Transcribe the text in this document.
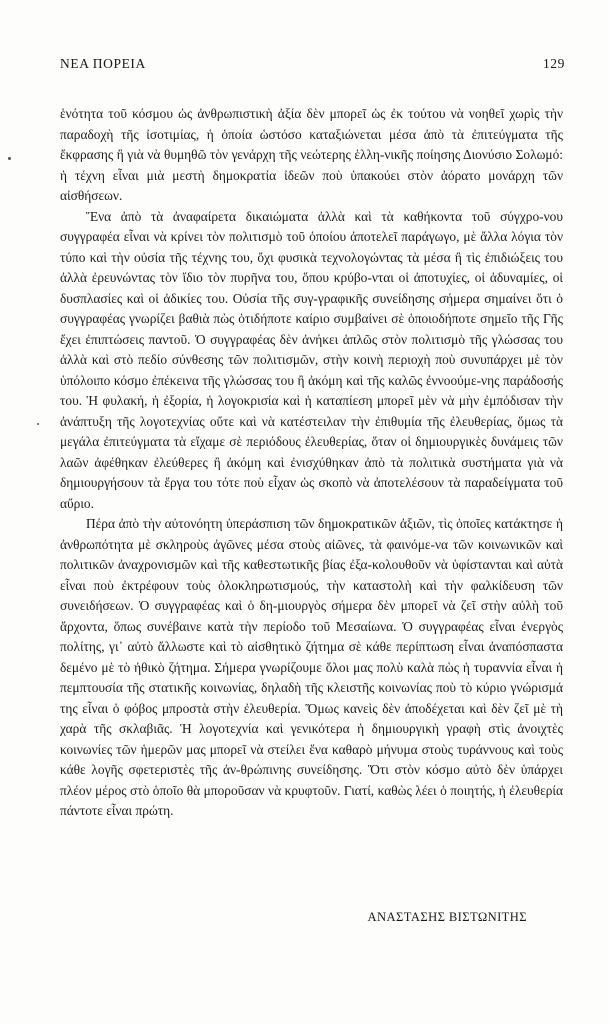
ΝΕΑ ΠΟΡΕΙΑ	129

ἑνότητα τοῦ κόσμου ὡς ἀνθρωπιστικὴ ἀξία δὲν μπορεῖ ὡς ἐκ τούτου νὰ νοηθεῖ χωρὶς τὴν παραδοχὴ τῆς ἰσοτιμίας, ἡ ὁποία ὡστόσο καταξιώνεται μέσα ἀπὸ τὰ ἐπιτεύγματα τῆς ἔκφρασης ἢ γιὰ νὰ θυμηθῶ τὸν γενάρχη τῆς νεώτερης ἑλλη-νικῆς ποίησης Διονύσιο Σολωμό: ἡ τέχνη εἶναι μιὰ μεστὴ δημοκρατία ἰδεῶν ποὺ ὑπακούει στὸν ἀόρατο μονάρχη τῶν αἰσθήσεων.

Ἕνα ἀπὸ τὰ ἀναφαίρετα δικαιώματα ἀλλὰ καὶ τὰ καθήκοντα τοῦ σύγχρο-νου συγγραφέα εἶναι νὰ κρίνει τὸν πολιτισμὸ τοῦ ὁποίου ἀποτελεῖ παράγωγο, μὲ ἄλλα λόγια τὸν τύπο καὶ τὴν οὐσία τῆς τέχνης του, ὄχι φυσικὰ τεχνολογώντας τὰ μέσα ἢ τὶς ἐπιδιώξεις του ἀλλὰ ἐρευνώντας τὸν ἴδιο τὸν πυρῆνα του, ὅπου κρύβο-νται οἱ ἀποτυχίες, οἱ ἀδυναμίες, οἱ δυσπλασίες καὶ οἱ ἀδικίες του. Οὐσία τῆς συγ-γραφικῆς συνείδησης σήμερα σημαίνει ὅτι ὁ συγγραφέας γνωρίζει βαθιὰ πὼς ὁτιδήποτε καίριο συμβαίνει σὲ ὁποιοδήποτε σημεῖο τῆς Γῆς ἔχει ἐπιπτώσεις παντοῦ. Ὁ συγγραφέας δὲν ἀνήκει ἁπλῶς στὸν πολιτισμὸ τῆς γλώσσας του ἀλλὰ καὶ στὸ πεδίο σύνθεσης τῶν πολιτισμῶν, στὴν κοινὴ περιοχὴ ποὺ συνυπάρχει μὲ τὸν ὑπόλοιπο κόσμο ἐπέκεινα τῆς γλώσσας του ἢ ἀκόμη καὶ τῆς καλῶς ἐννοούμε-νης παράδοσής του. Ἡ φυλακή, ἡ ἐξορία, ἡ λογοκρισία καὶ ἡ καταπίεση μπορεῖ μὲν νὰ μὴν ἐμπόδισαν τὴν ἀνάπτυξη τῆς λογοτεχνίας οὔτε καὶ νὰ κατέστειλαν τὴν ἐπιθυμία τῆς ἐλευθερίας, ὅμως τὰ μεγάλα ἐπιτεύγματα τὰ εἴχαμε σὲ περιόδους ἐλευθερίας, ὅταν οἱ δημιουργικὲς δυνάμεις τῶν λαῶν ἀφέθηκαν ἐλεύθερες ἢ ἀκόμη καὶ ἐνισχύθηκαν ἀπὸ τὰ πολιτικὰ συστήματα γιὰ νὰ δημιουργήσουν τὰ ἔργα του τότε ποὺ εἶχαν ὡς σκοπὸ νὰ ἀποτελέσουν τὰ παραδείγματα τοῦ αὔριο.

Πέρα ἀπὸ τὴν αὐτονόητη ὑπεράσπιση τῶν δημοκρατικῶν ἀξιῶν, τὶς ὁποῖες κατάκτησε ἡ ἀνθρωπότητα μὲ σκληροὺς ἀγῶνες μέσα στοὺς αἰῶνες, τὰ φαινόμε-να τῶν κοινωνικῶν καὶ πολιτικῶν ἀναχρονισμῶν καὶ τῆς καθεστωτικῆς βίας ἐξα-κολουθοῦν νὰ ὑφίστανται καὶ αὐτὰ εἶναι ποὺ ἐκτρέφουν τοὺς ὁλοκληρωτισμούς, τὴν καταστολὴ καὶ τὴν φαλκίδευση τῶν συνειδήσεων. Ὁ συγγραφέας καὶ ὁ δη-μιουργὸς σήμερα δὲν μπορεῖ νὰ ζεῖ στὴν αὐλὴ τοῦ ἄρχοντα, ὅπως συνέβαινε κατὰ τὴν περίοδο τοῦ Μεσαίωνα. Ὁ συγγραφέας εἶναι ἐνεργὸς πολίτης, γι᾿ αὐτὸ ἄλλωστε καὶ τὸ αἰσθητικὸ ζήτημα σὲ κάθε περίπτωση εἶναι ἀναπόσπαστα δεμένο μὲ τὸ ἠθικὸ ζήτημα. Σήμερα γνωρίζουμε ὅλοι μας πολὺ καλὰ πὼς ἡ τυραννία εἶναι ἡ πεμπτουσία τῆς στατικῆς κοινωνίας, δηλαδὴ τῆς κλειστῆς κοινωνίας ποὺ τὸ κύριο γνώρισμά της εἶναι ὁ φόβος μπροστὰ στὴν ἐλευθερία. Ὅμως κανεὶς δὲν ἀποδέχεται καὶ δὲν ζεῖ μὲ τὴ χαρὰ τῆς σκλαβιᾶς. Ἡ λογοτεχνία καὶ γενικότερα ἡ δημιουργικὴ γραφὴ στὶς ἀνοιχτὲς κοινωνίες τῶν ἡμερῶν μας μπορεῖ νὰ στείλει ἕνα καθαρὸ μήνυμα στοὺς τυράννους καὶ τοὺς κάθε λογῆς σφετεριστὲς τῆς ἀν-θρώπινης συνείδησης. Ὅτι στὸν κόσμο αὐτὸ δὲν ὑπάρχει πλέον μέρος στὸ ὁποῖο θὰ μποροῦσαν νὰ κρυφτοῦν. Γιατί, καθὼς λέει ὁ ποιητής, ἡ ἐλευθερία πάντοτε εἶναι πρώτη.

ΑΝΑΣΤΑΣΗΣ ΒΙΣΤΩΝΙΤΗΣ
